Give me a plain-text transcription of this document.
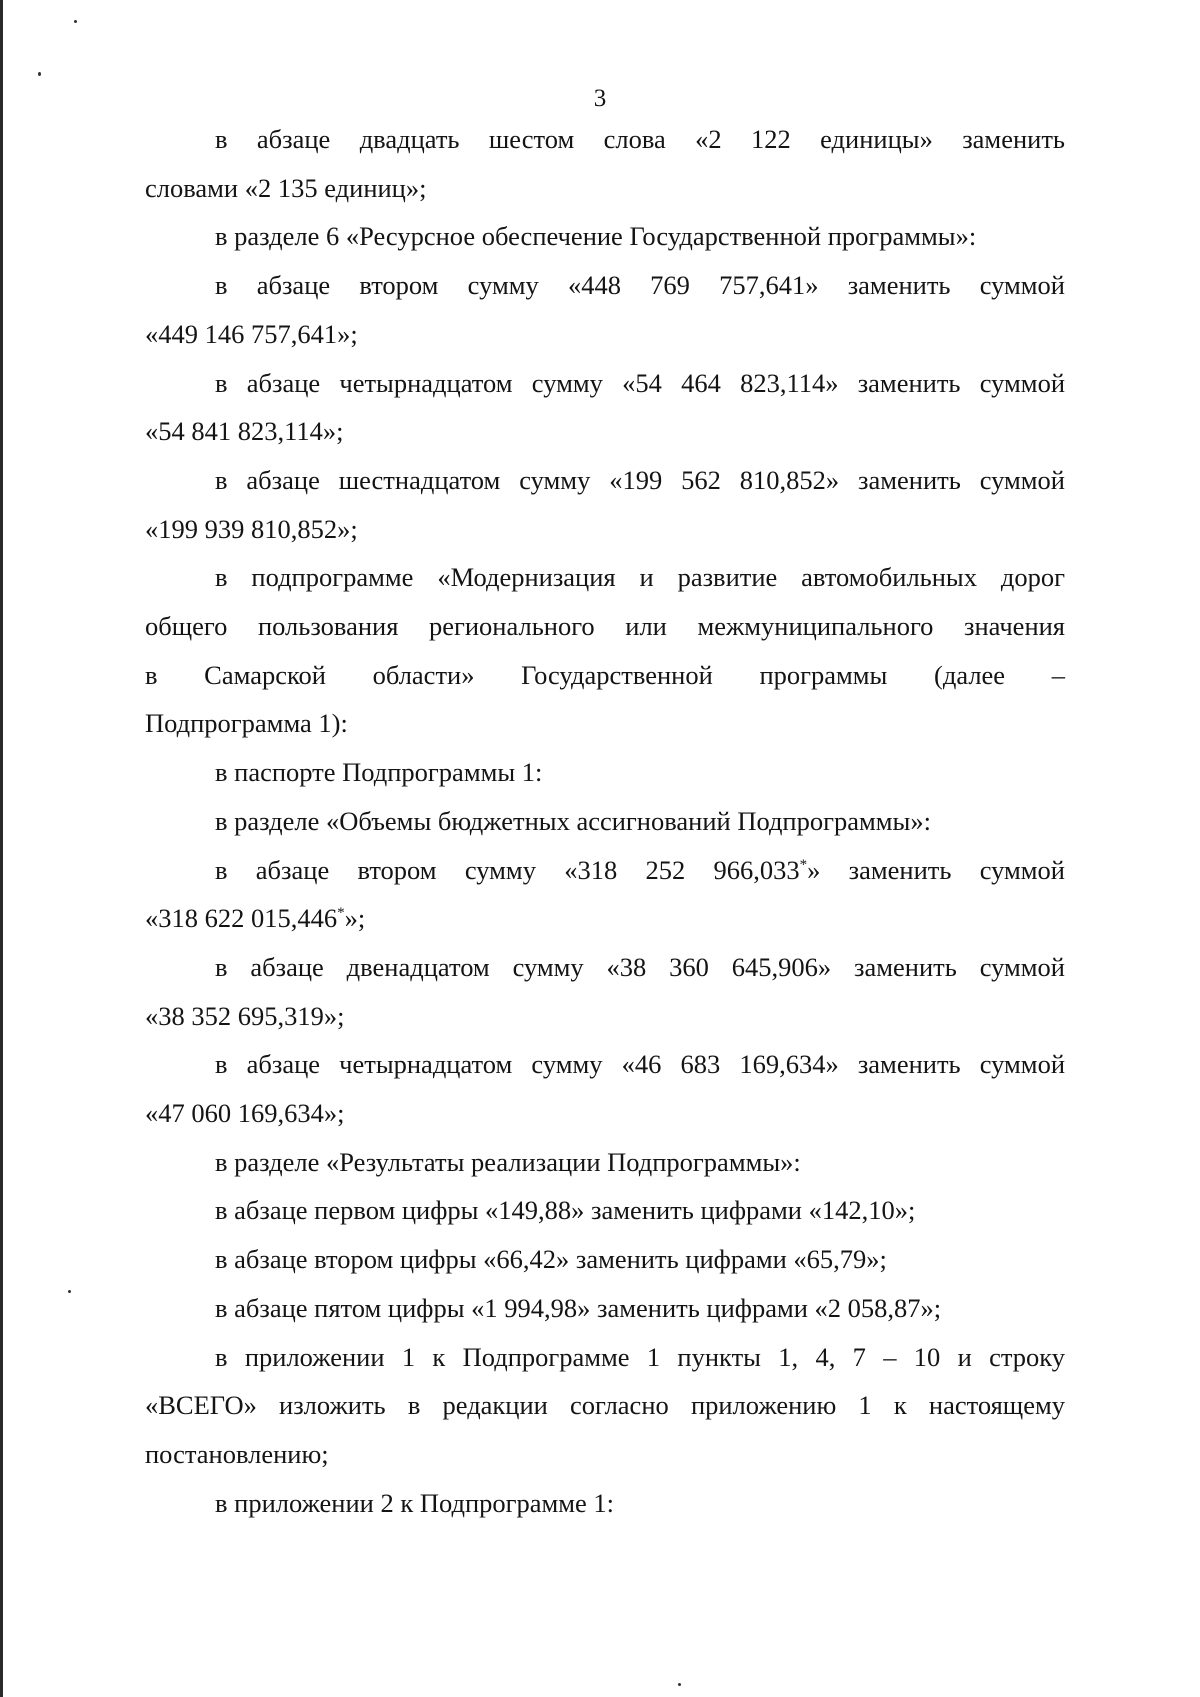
3
в абзаце двадцать шестом слова «2 122 единицы» заменить
словами «2 135 единиц»;
в разделе 6 «Ресурсное обеспечение Государственной программы»:
в абзаце втором сумму «448 769 757,641» заменить суммой
«449 146 757,641»;
в абзаце четырнадцатом сумму «54 464 823,114» заменить суммой
«54 841 823,114»;
в абзаце шестнадцатом сумму «199 562 810,852» заменить суммой
«199 939 810,852»;
в подпрограмме «Модернизация и развитие автомобильных дорог
общего пользования регионального или межмуниципального значения
в Самарской области» Государственной программы (далее –
Подпрограмма 1):
в паспорте Подпрограммы 1:
в разделе «Объемы бюджетных ассигнований Подпрограммы»:
в абзаце втором сумму «318 252 966,033*» заменить суммой
«318 622 015,446*»;
в абзаце двенадцатом сумму «38 360 645,906» заменить суммой
«38 352 695,319»;
в абзаце четырнадцатом сумму «46 683 169,634» заменить суммой
«47 060 169,634»;
в разделе «Результаты реализации Подпрограммы»:
в абзаце первом цифры «149,88» заменить цифрами «142,10»;
в абзаце втором цифры «66,42» заменить цифрами «65,79»;
в абзаце пятом цифры «1 994,98» заменить цифрами «2 058,87»;
в приложении 1 к Подпрограмме 1 пункты 1, 4, 7 – 10 и строку
«ВСЕГО» изложить в редакции согласно приложению 1 к настоящему
постановлению;
в приложении 2 к Подпрограмме 1:
